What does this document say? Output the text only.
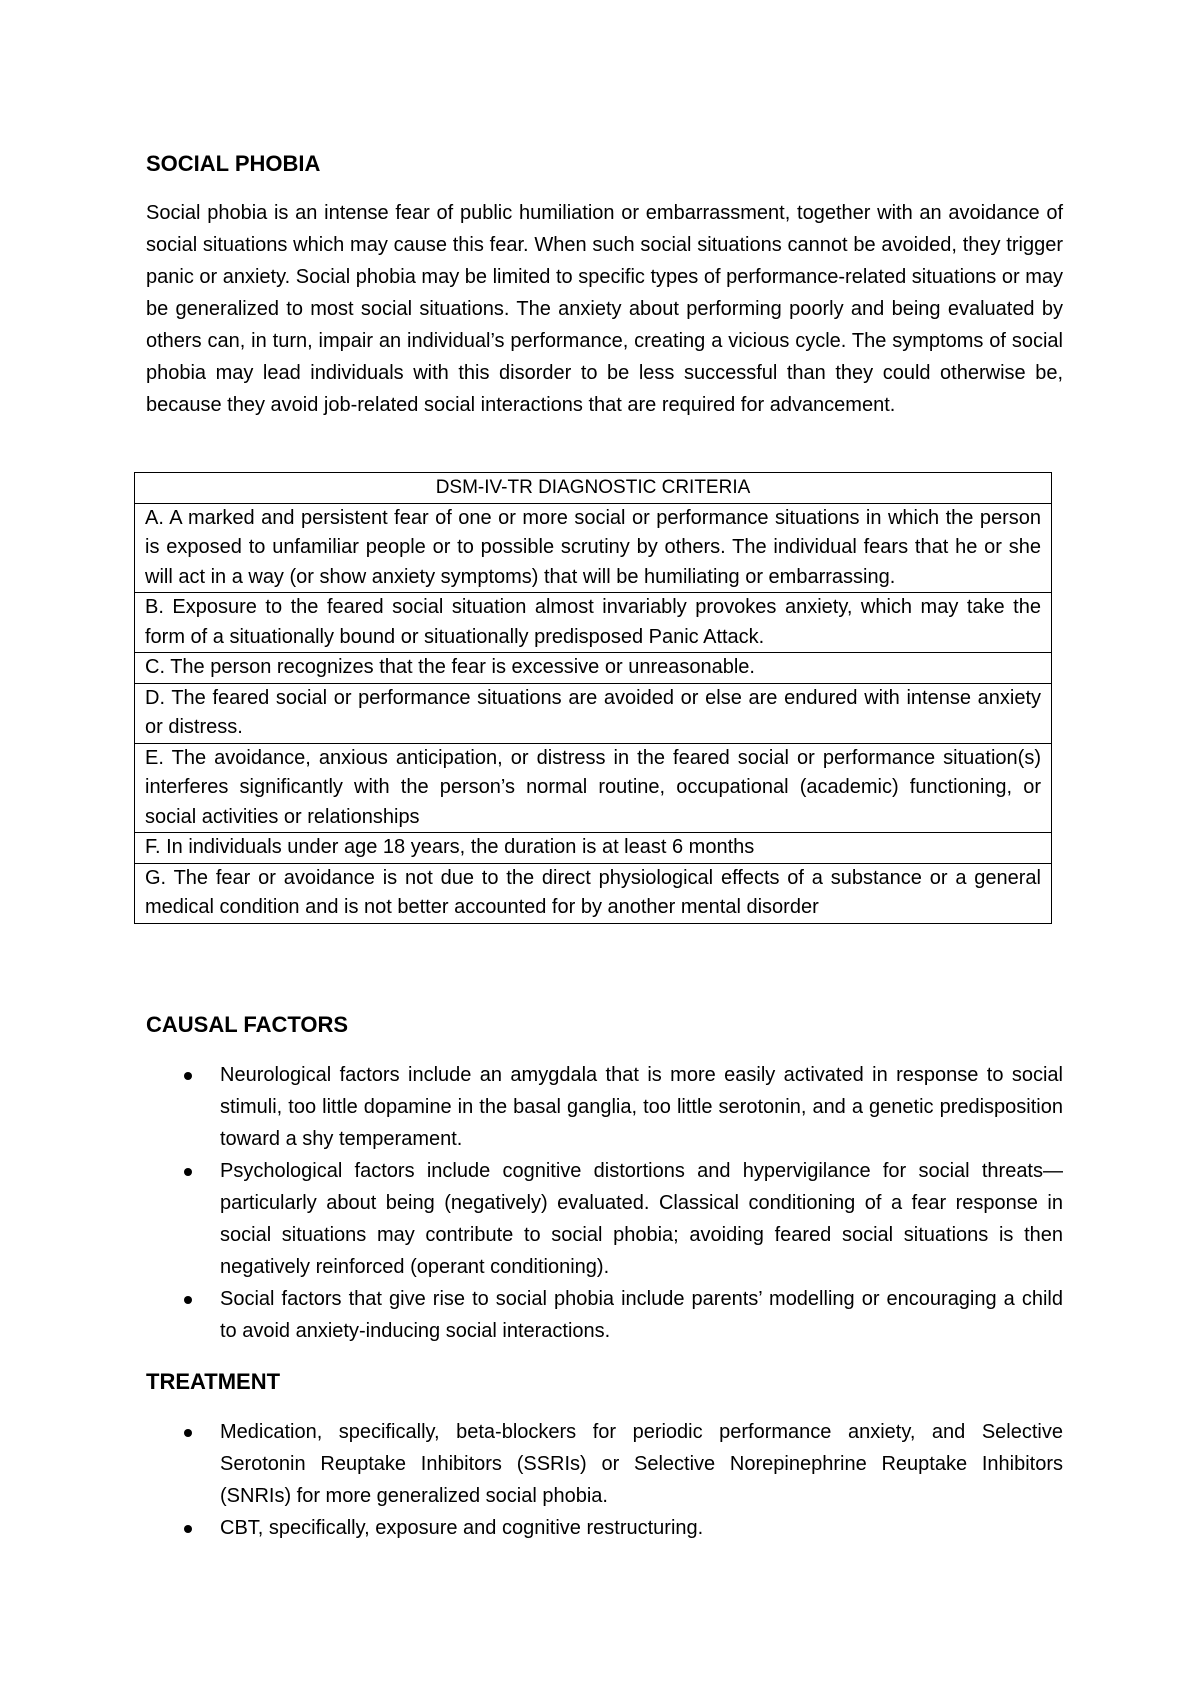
SOCIAL PHOBIA

Social phobia is an intense fear of public humiliation or embarrassment, together with an avoidance of social situations which may cause this fear. When such social situations cannot be avoided, they trigger panic or anxiety. Social phobia may be limited to specific types of performance-related situations or may be generalized to most social situations. The anxiety about performing poorly and being evaluated by others can, in turn, impair an individual’s performance, creating a vicious cycle. The symptoms of social phobia may lead individuals with this disorder to be less successful than they could otherwise be, because they avoid job-related social interactions that are required for advancement.

DSM-IV-TR DIAGNOSTIC CRITERIA
A. A marked and persistent fear of one or more social or performance situations in which the person is exposed to unfamiliar people or to possible scrutiny by others. The individual fears that he or she will act in a way (or show anxiety symptoms) that will be humiliating or embarrassing.
B. Exposure to the feared social situation almost invariably provokes anxiety, which may take the form of a situationally bound or situationally predisposed Panic Attack.
C. The person recognizes that the fear is excessive or unreasonable.
D. The feared social or performance situations are avoided or else are endured with intense anxiety or distress.
E. The avoidance, anxious anticipation, or distress in the feared social or performance situation(s) interferes significantly with the person’s normal routine, occupational (academic) functioning, or social activities or relationships
F. In individuals under age 18 years, the duration is at least 6 months
G. The fear or avoidance is not due to the direct physiological effects of a substance or a general medical condition and is not better accounted for by another mental disorder
CAUSAL FACTORS
Neurological factors include an amygdala that is more easily activated in response to social stimuli, too little dopamine in the basal ganglia, too little serotonin, and a genetic predisposition toward a shy temperament.
Psychological factors include cognitive distortions and hypervigilance for social threats— particularly about being (negatively) evaluated. Classical conditioning of a fear response in social situations may contribute to social phobia; avoiding feared social situations is then negatively reinforced (operant conditioning).
Social factors that give rise to social phobia include parents’ modelling or encouraging a child to avoid anxiety-inducing social interactions.
TREATMENT
Medication, specifically, beta-blockers for periodic performance anxiety, and Selective Serotonin Reuptake Inhibitors (SSRIs) or Selective Norepinephrine Reuptake Inhibitors (SNRIs) for more generalized social phobia.
CBT, specifically, exposure and cognitive restructuring.
